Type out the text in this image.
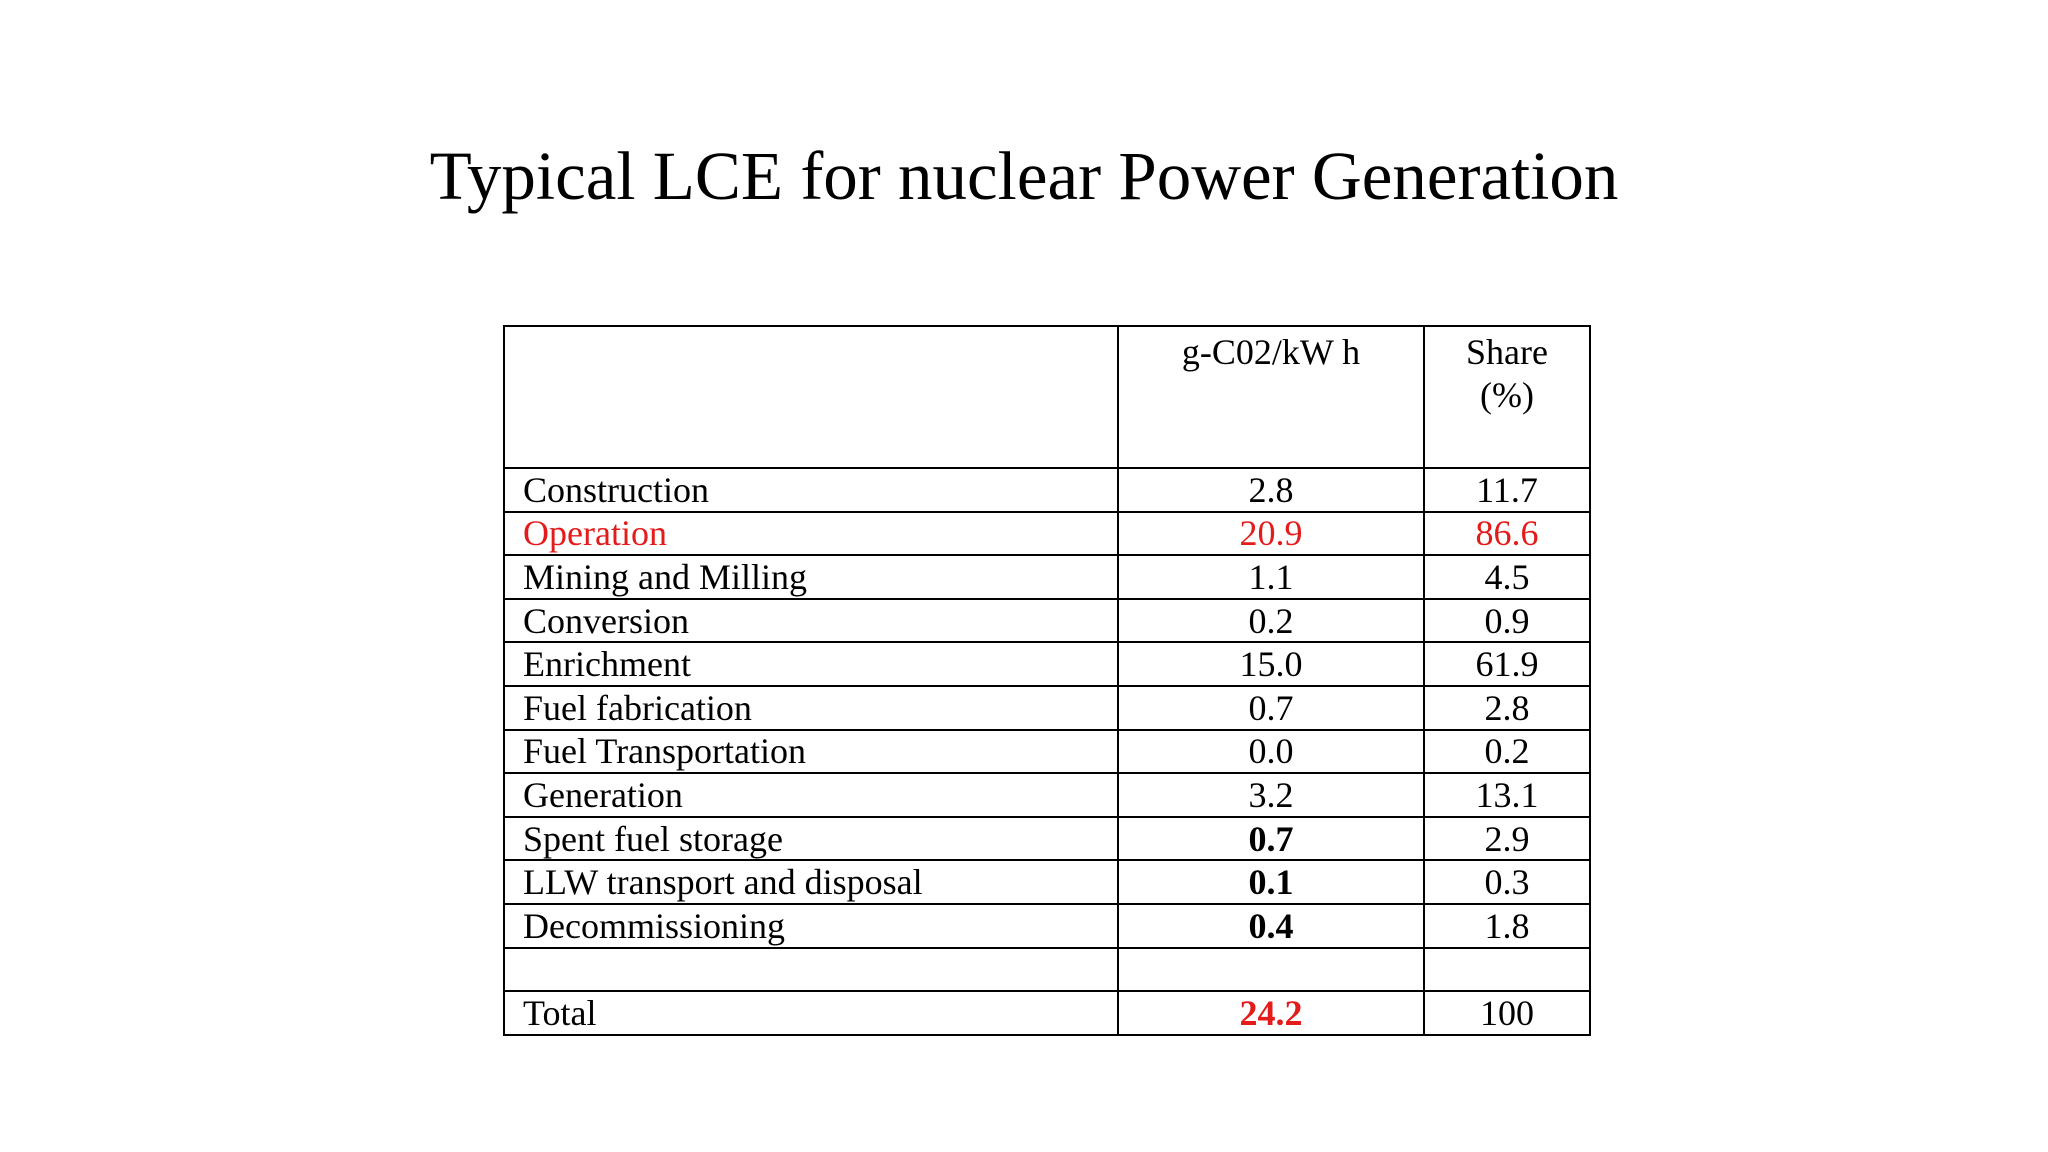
Typical LCE for nuclear Power Generation

	g-C02/kW h	Share
(%)

Construction	2.8	11.7
Operation	20.9	86.6
Mining and Milling	1.1	4.5
Conversion	0.2	0.9
Enrichment	15.0	61.9
Fuel fabrication	0.7	2.8
Fuel Transportation	0.0	0.2
Generation	3.2	13.1
Spent fuel storage	0.7	2.9
LLW transport and disposal	0.1	0.3
Decommissioning	0.4	1.8

Total	24.2	100
